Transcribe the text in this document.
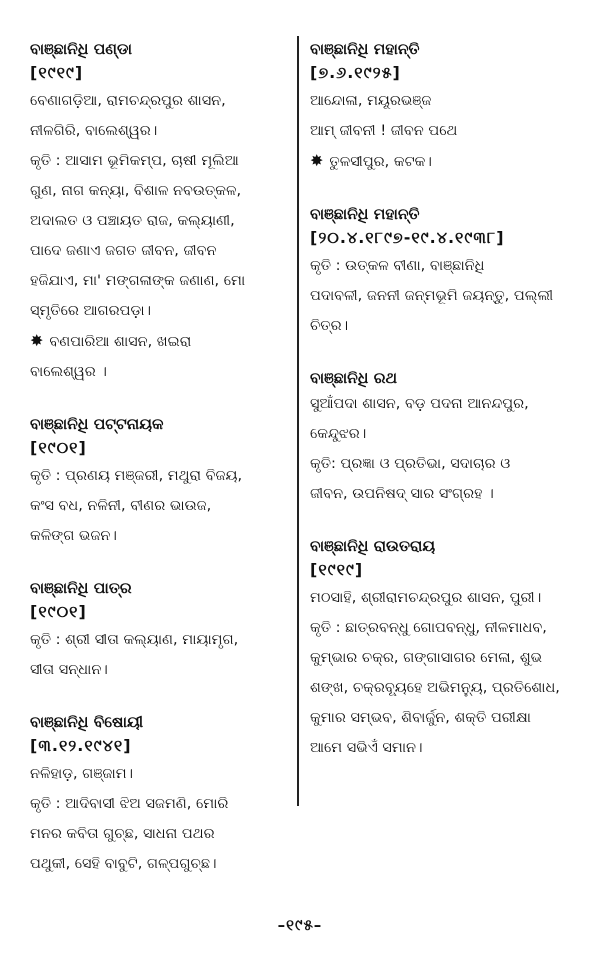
ବାଞ୍ଛାନିଧି ପଣ୍ଡା
[୧୯୧୯]
ବେଣାଗଡ଼ିଆ, ରାମଚନ୍ଦ୍ରପୁର ଶାସନ,
ନୀଳଗିରି, ବାଲେଶ୍ୱର।
କୃତି : ଆସାମ ଭୂମିକମ୍ପ, ଚାଷୀ ମୂଲିଆ
ଗୁଣ, ନାଗ କନ୍ୟା, ବିଶାଳ ନବଉତ୍କଳ,
ଅଦାଲତ ଓ ପଞ୍ଚାୟତ ରାଜ, କଲ୍ୟାଣୀ,
ପାଦେ ଜଣାଏ ଜଗତ ଜୀବନ, ଜୀବନ
ହଜିଯାଏ, ମା' ମଙ୍ଗଳାଙ୍କ ଜଣାଣ, ମୋ
ସ୍ମୃତିରେ ଆଗରପଡ଼ା।
✸ ବଣପାରିଆ ଶାସନ, ଖଇରା
ବାଲେଶ୍ୱର ।
ବାଞ୍ଛାନିଧି ପଟ୍ଟନାୟକ
[୧୯୦୧]
କୃତି : ପ୍ରଣୟ ମଞ୍ଜରୀ, ମଥୁରା ବିଜୟ,
କଂସ ବଧ, ନଳିନୀ, ବୀଣର ଭାଉଜ,
କଳିଙ୍ଗ ଭଜନ।
ବାଞ୍ଛାନିଧି ପାତ୍ର
[୧୯୦୧]
କୃତି : ଶ୍ରୀ ସୀତା କଲ୍ୟାଣ, ମାୟାମୃଗ,
ସୀତା ସନ୍ଧାନ।
ବାଞ୍ଛାନିଧି ବିଷୋୟୀ
[୩.୧୨.୧୯୪୧]
ନଳିହାଡ଼, ଗଞ୍ଜାମ।
କୃତି : ଆଦିବାସୀ ଝିଅ ସଜମଣି, ମୋରି
ମନର କବିତା ଗୁଚ୍ଛ, ସାଧନା ପଥର
ପଥୁକୀ, ସେହି ବାବୁଟି, ଗଳ୍ପଗୁଚ୍ଛ।
ବାଞ୍ଛାନିଧି ମହାନ୍ତି
[୭.୬.୧୯୨୫]
ଆନ୍ଦୋଳା, ମୟୂରଭଞ୍ଜ
ଆମ୍ ଜୀବନୀ ! ଜୀବନ ପଥେ
✸ ତୁଳସୀପୁର, କଟକ।
ବାଞ୍ଛାନିଧି ମହାନ୍ତି
[୨୦.୪.୧୮୯୭-୧୯.୪.୧୯୩୮]
କୃତି : ଉତ୍କଳ ବୀଣା, ବାଞ୍ଛାନିଧି
ପଦାବଳୀ, ଜନନୀ ଜନ୍ମଭୂମି ଜୟନ୍ତୁ, ପଲ୍ଲୀ
ଚିତ୍ର।
ବାଞ୍ଛାନିଧି ରଥ
ସୁଆଁପଦା ଶାସନ, ବଡ଼ ପଦନା ଆନନ୍ଦପୁର,
କେନ୍ଦୁଝର।
କୃତି: ପ୍ରଜ୍ଞା ଓ ପ୍ରତିଭା, ସଦାଚାର ଓ
ଜୀବନ, ଉପନିଷଦ୍ ସାର ସଂଗ୍ରହ ।
ବାଞ୍ଛାନିଧି ରାଉତରାୟ
[୧୯୧୯]
ମଠସାହି, ଶ୍ରୀରାମଚନ୍ଦ୍ରପୁର ଶାସନ, ପୁରୀ।
କୃତି : ଛାତ୍ରବନ୍ଧୁ ଗୋପବନ୍ଧୁ, ନୀଳମାଧବ,
କୁମ୍ଭାର ଚକ୍ର, ଗଙ୍ଗାସାଗର ମେଳା, ଶୁଭ
ଶଙ୍ଖ, ଚକ୍ରବ୍ୟୂହେ ଅଭିମନ୍ୟୁ, ପ୍ରତିଶୋଧ,
କୁମାର ସମ୍ଭବ, ଶିବାର୍ଜୁନ, ଶକ୍ତି ପରୀକ୍ଷା
ଆମେ ସଭିଏଁ ସମାନ।
–୧୯୫–
